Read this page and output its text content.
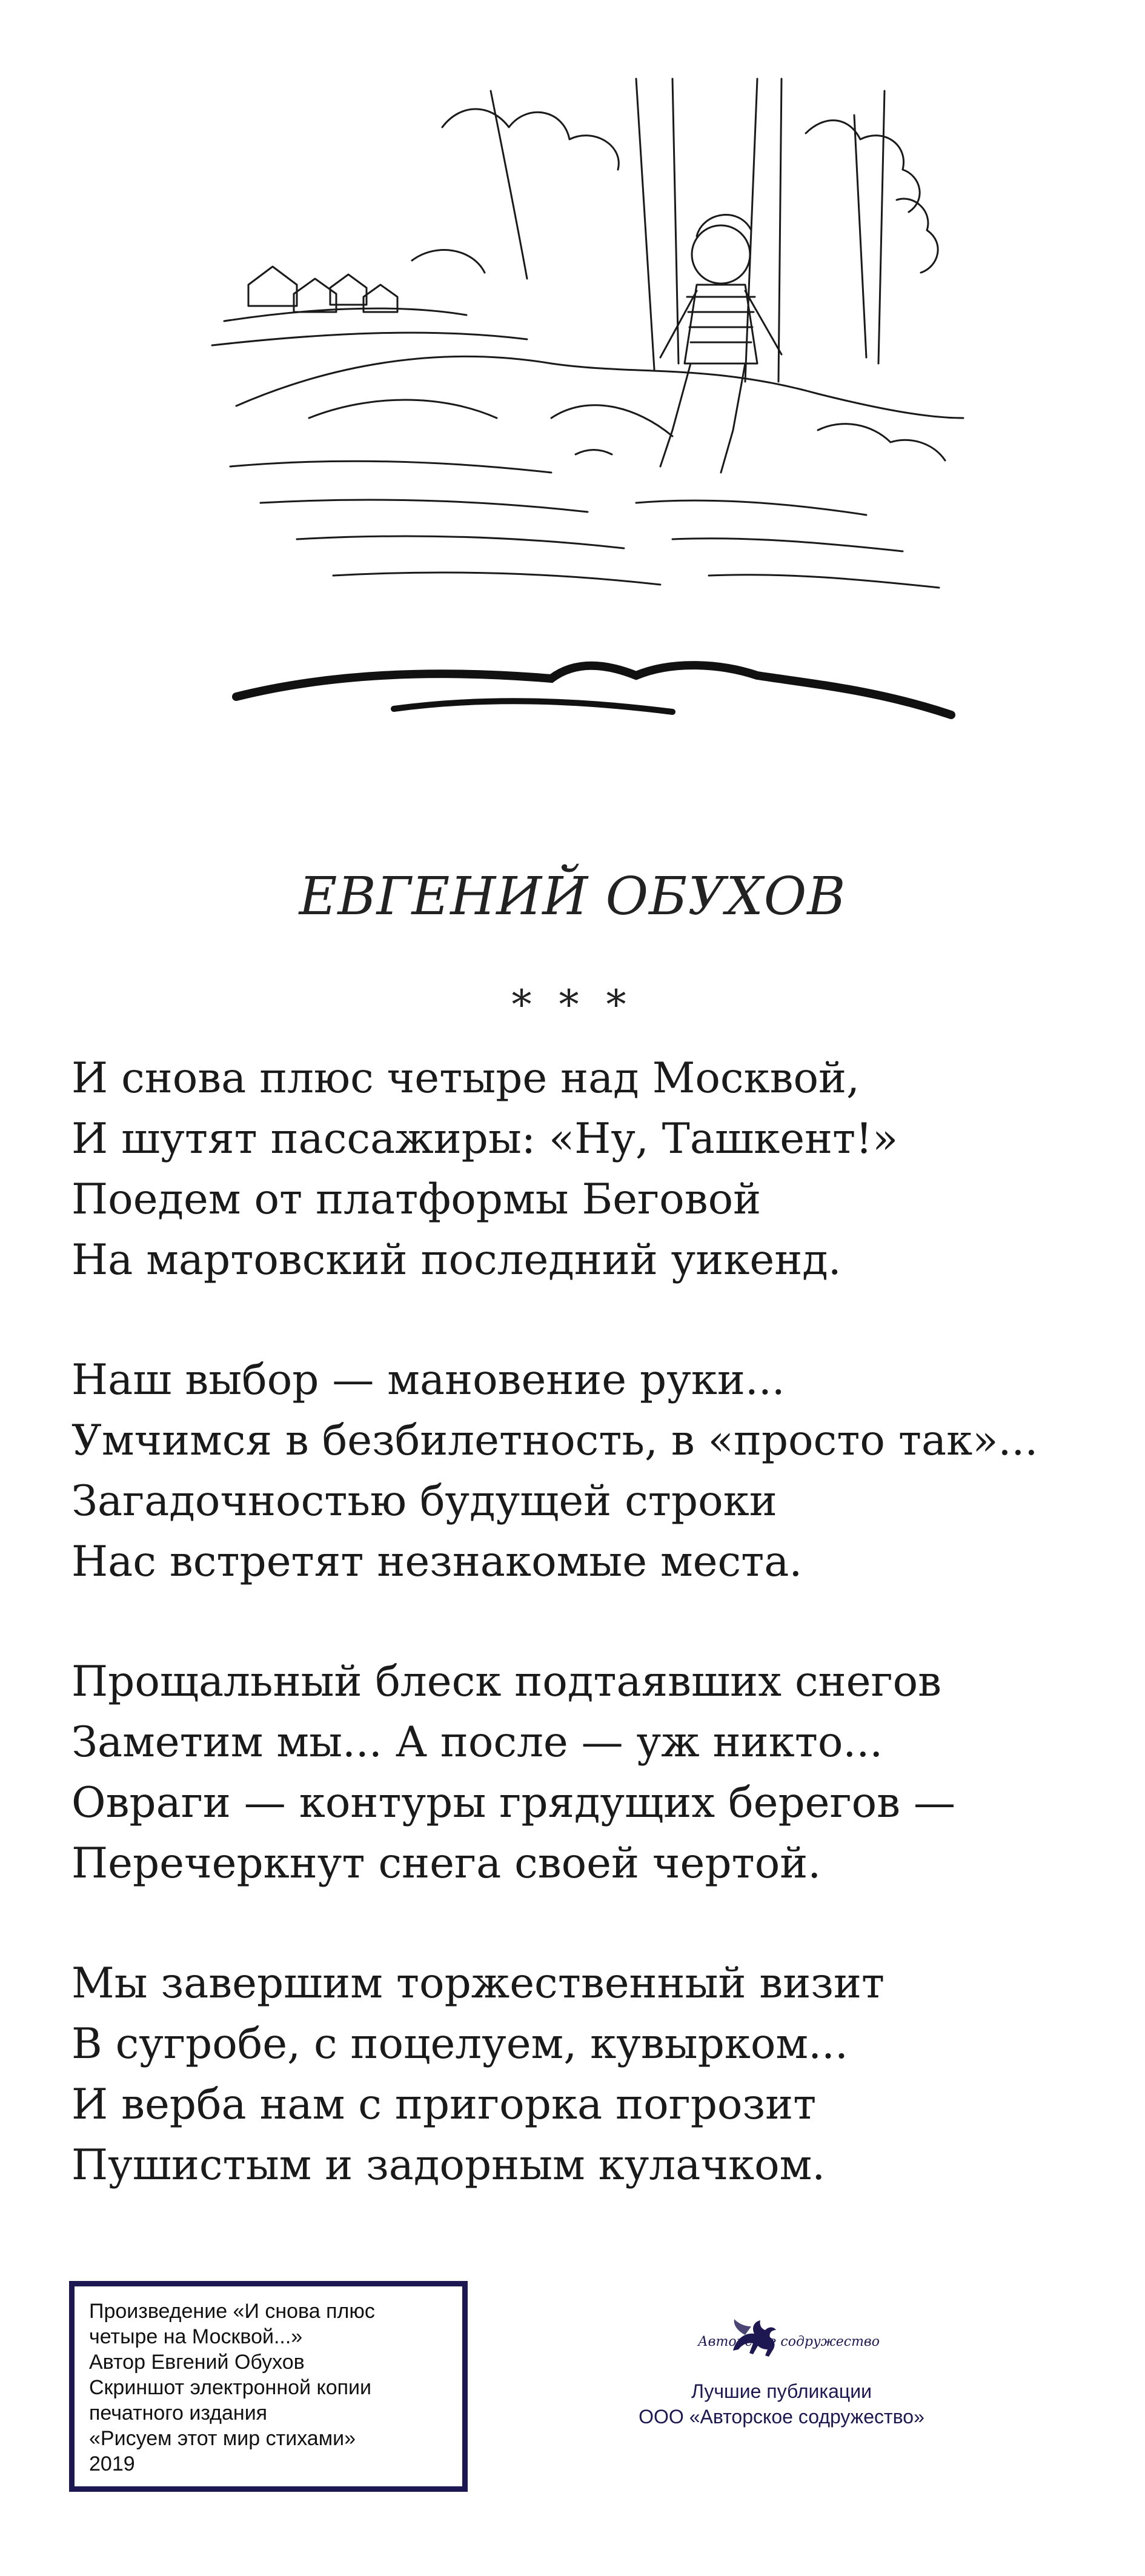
ЕВГЕНИЙ ОБУХОВ
* * *
И снова плюс четыре над Москвой,
И шутят пассажиры: «Ну, Ташкент!»
Поедем от платформы Беговой
На мартовский последний уикенд.
Наш выбор — мановение руки...
Умчимся в безбилетность, в «просто так»...
Загадочностью будущей строки
Нас встретят незнакомые места.
Прощальный блеск подтаявших снегов
Заметим мы... А после — уж никто...
Овраги — контуры грядущих берегов —
Перечеркнут снега своей чертой.
Мы завершим торжественный визит
В сугробе, с поцелуем, кувырком...
И верба нам с пригорка погрозит
Пушистым и задорным кулачком.
Произведение «И снова плюс
четыре на Москвой...»
Автор Евгений Обухов
Скриншот электронной копии
печатного издания
«Рисуем этот мир стихами»
2019
Авторское содружество
Лучшие публикации
ООО «Авторское содружество»
